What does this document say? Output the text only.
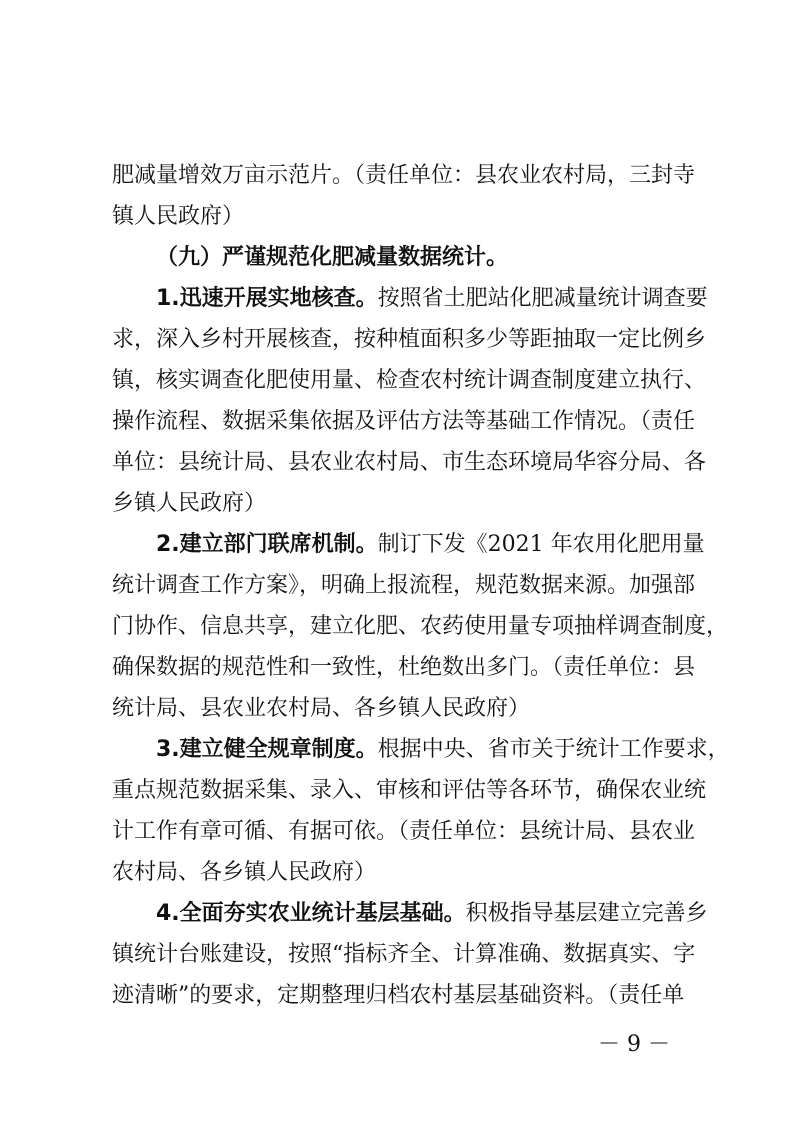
肥减量增效万亩示范片。（责任单位：县农业农村局，三封寺
镇人民政府）
（九）严谨规范化肥减量数据统计。
1.迅速开展实地核查。 按照省土肥站化肥减量统计调查要
求，深入乡村开展核查，按种植面积多少等距抽取一定比例乡
镇，核实调查化肥使用量、检查农村统计调查制度建立执行、
操作流程、数据采集依据及评估方法等基础工作情况。（责任
单位：县统计局、县农业农村局、市生态环境局华容分局、各
乡镇人民政府）
2.建立部门联席机制。 制订下发《2021 年农用化肥用量
统计调查工作方案》，明确上报流程，规范数据来源。加强部
门协作、信息共享，建立化肥、农药使用量专项抽样调查制度，
确保数据的规范性和一致性，杜绝数出多门。（责任单位：县
统计局、县农业农村局、各乡镇人民政府）
3.建立健全规章制度。 根据中央、省市关于统计工作要求，
重点规范数据采集、录入、审核和评估等各环节，确保农业统
计工作有章可循、有据可依。（责任单位：县统计局、县农业
农村局、各乡镇人民政府）
4.全面夯实农业统计基层基础。 积极指导基层建立完善乡
镇统计台账建设，按照“指标齐全、计算准确、数据真实、字
迹清晰”的要求，定期整理归档农村基层基础资料。（责任单
－ 9 －
